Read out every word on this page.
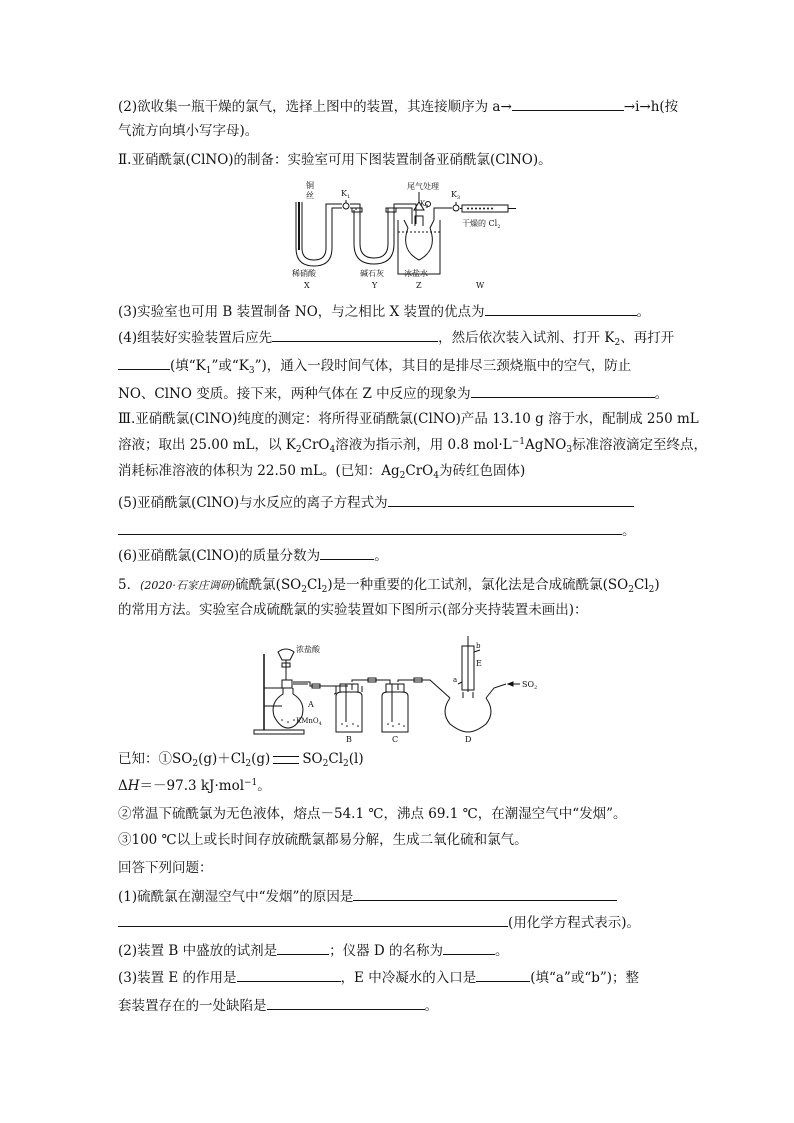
(2)欲收集一瓶干燥的氯气，选择上图中的装置，其连接顺序为 a→	→i→h(按
气流方向填小写字母)。
Ⅱ.亚硝酰氯(ClNO)的制备：实验室可用下图装置制备亚硝酰氯(ClNO)。
铜
丝	$K_1$
尾气处理
$K_2$
$K_3$
干燥的 $Cl_2$
稀硝酸	碱石灰	冰盐水
X	Y	Z	W
(3)实验室也可用 B 装置制备 NO，与之相比 X 装置的优点为	。
(4)组装好实验装置后应先	，然后依次装入试剂、打开 $K_2$、再打开
(填“$K_1$”或“$K_3$”)，通入一段时间气体，其目的是排尽三颈烧瓶中的空气，防止
NO、ClNO 变质。接下来，两种气体在 Z 中反应的现象为	。
Ⅲ.亚硝酰氯(ClNO)纯度的测定：将所得亚硝酰氯(ClNO)产品 13.10 g 溶于水，配制成 250 mL
溶液；取出 25.00 mL，以 $K_2CrO_4$溶液为指示剂，用 0.8 $mol\cdot L^{-1}AgNO_3$标准溶液滴定至终点，
消耗标准溶液的体积为 22.50 mL。(已知：$Ag_2CrO_4$为砖红色固体)
(5)亚硝酰氯(ClNO)与水反应的离子方程式为
。
(6)亚硝酰氯(ClNO)的质量分数为	。
5．(2020·石家庄调研)硫酰氯$(SO_2Cl_2)$是一种重要的化工试剂，氯化法是合成硫酰氯$(SO_2Cl_2)$
的常用方法。实验室合成硫酰氯的实验装置如下图所示(部分夹持装置未画出)：
浓盐酸
A
KMnO$_4$
B	C	D
E
a
b
$SO_2$
已知：$①SO_2(g)+Cl_2(g)$ $SO_2Cl_2(l)$
ΔH＝－97.3 kJ·mol$^{-1}$。
②常温下硫酰氯为无色液体，熔点－54.1 ℃，沸点 69.1 ℃，在潮湿空气中“发烟”。
③100 ℃以上或长时间存放硫酰氯都易分解，生成二氧化硫和氯气。
回答下列问题：
(1)硫酰氯在潮湿空气中“发烟”的原因是
(用化学方程式表示)。
(2)装置 B 中盛放的试剂是	；仪器 D 的名称为	。
(3)装置 E 的作用是	，E 中冷凝水的入口是	(填“a”或“b”)；整
套装置存在的一处缺陷是	。
